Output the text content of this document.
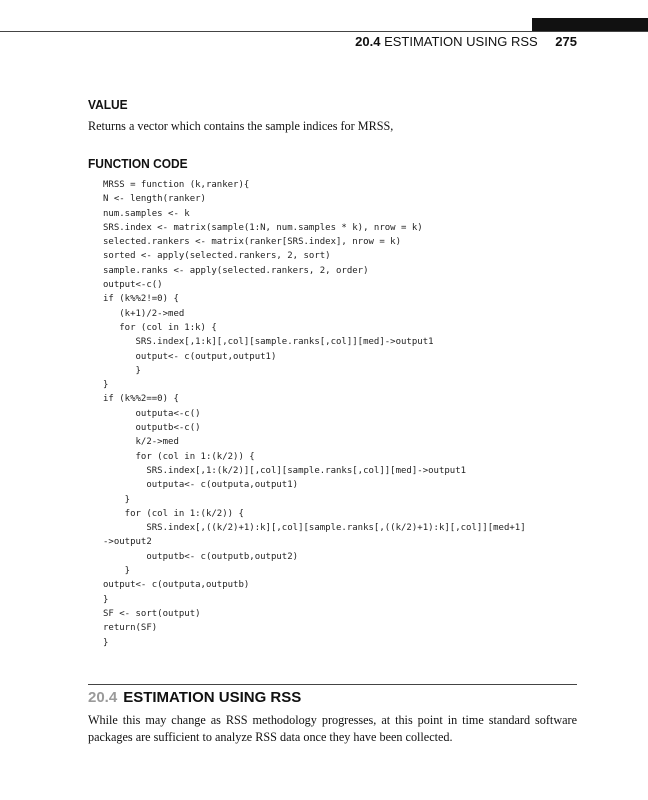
20.4 ESTIMATION USING RSS 275
VALUE

Returns a vector which contains the sample indices for MRSS,

FUNCTION CODE
MRSS = function (k,ranker){
N <- length(ranker)
num.samples <- k
SRS.index <- matrix(sample(1:N, num.samples * k), nrow = k)
selected.rankers <- matrix(ranker[SRS.index], nrow = k)
sorted <- apply(selected.rankers, 2, sort)
sample.ranks <- apply(selected.rankers, 2, order)
output<-c()
if (k%%2!=0) {
(k+1)/2->med
for (col in 1:k) {
SRS.index[,1:k][,col][sample.ranks[,col]][med]->output1
output<- c(output,output1)
}
}
if (k%%2==0) {
outputa<-c()
outputb<-c()
k/2->med
for (col in 1:(k/2)) {
SRS.index[,1:(k/2)][,col][sample.ranks[,col]][med]->output1
outputa<- c(outputa,output1)
}
for (col in 1:(k/2)) {
SRS.index[,((k/2)+1):k][,col][sample.ranks[,((k/2)+1):k][,col]][med+1]
->output2
outputb<- c(outputb,output2)
}
output<- c(outputa,outputb)
}
SF <- sort(output)
return(SF)
}

20.4 ESTIMATION USING RSS

While this may change as RSS methodology progresses, at this point in time standard software packages are sufficient to analyze RSS data once they have been collected.
